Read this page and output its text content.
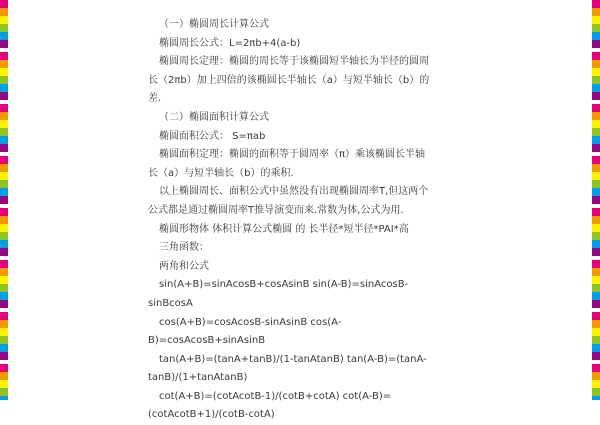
（一）椭圆周长计算公式
椭圆周长公式：L=2πb+4(a-b)
椭圆周长定理：椭圆的周长等于该椭圆短半轴长为半径的圆周
长（2πb）加上四倍的该椭圆长半轴长（a）与短半轴长（b）的
差.
（二）椭圆面积计算公式
椭圆面积公式： S=πab
椭圆面积定理：椭圆的面积等于圆周率（π）乘该椭圆长半轴
长（a）与短半轴长（b）的乘积.
以上椭圆周长、面积公式中虽然没有出现椭圆周率T,但这两个
公式都是通过椭圆周率T推导演变而来.常数为体,公式为用.
椭圆形物体 体积计算公式椭圆 的 长半径*短半径*PAI*高
三角函数：
两角和公式
sin(A+B)=sinAcosB+cosAsinB sin(A-B)=sinAcosB-
sinBcosA
cos(A+B)=cosAcosB-sinAsinB cos(A-
B)=cosAcosB+sinAsinB
tan(A+B)=(tanA+tanB)/(1-tanAtanB) tan(A-B)=(tanA-
tanB)/(1+tanAtanB)
cot(A+B)=(cotAcotB-1)/(cotB+cotA) cot(A-B)=
(cotAcotB+1)/(cotB-cotA)
